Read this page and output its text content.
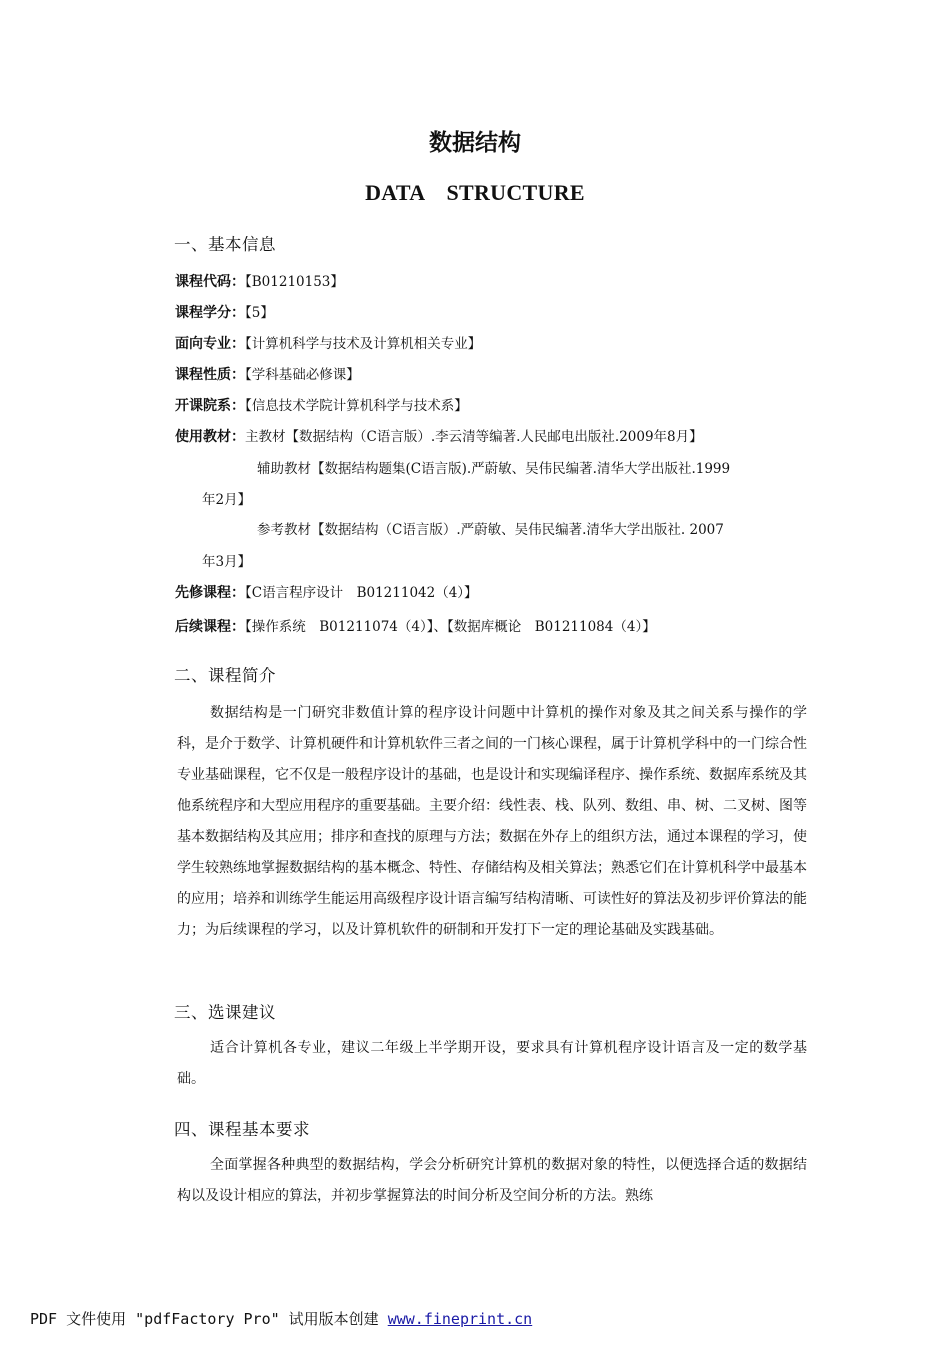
数据结构
DATA　STRUCTURE
一、基本信息
课程代码：【B01210153】
课程学分：【5】
面向专业：【计算机科学与技术及计算机相关专业】
课程性质：【学科基础必修课】
开课院系：【信息技术学院计算机科学与技术系】
使用教材：主教材【数据结构（C语言版）.李云清等编著.人民邮电出版社.2009年8月】
辅助教材【数据结构题集(C语言版).严蔚敏、吴伟民编著.清华大学出版社.1999
年2月】
参考教材【数据结构（C语言版）.严蔚敏、吴伟民编著.清华大学出版社. 2007
年3月】
先修课程：【C语言程序设计　B01211042（4）】
后续课程：【操作系统　B01211074（4）】、【数据库概论　B01211084（4）】
二、课程简介
数据结构是一门研究非数值计算的程序设计问题中计算机的操作对象及其之间关系与操作的学科，是介于数学、计算机硬件和计算机软件三者之间的一门核心课程，属于计算机学科中的一门综合性专业基础课程，它不仅是一般程序设计的基础，也是设计和实现编译程序、操作系统、数据库系统及其他系统程序和大型应用程序的重要基础。主要介绍：线性表、栈、队列、数组、串、树、二叉树、图等基本数据结构及其应用；排序和查找的原理与方法；数据在外存上的组织方法，通过本课程的学习，使学生较熟练地掌握数据结构的基本概念、特性、存储结构及相关算法；熟悉它们在计算机科学中最基本的应用；培养和训练学生能运用高级程序设计语言编写结构清晰、可读性好的算法及初步评价算法的能力；为后续课程的学习，以及计算机软件的研制和开发打下一定的理论基础及实践基础。
三、选课建议
适合计算机各专业，建议二年级上半学期开设，要求具有计算机程序设计语言及一定的数学基础。
四、课程基本要求
全面掌握各种典型的数据结构，学会分析研究计算机的数据对象的特性，以便选择合适的数据结构以及设计相应的算法，并初步掌握算法的时间分析及空间分析的方法。熟练
PDF 文件使用 "pdfFactory Pro" 试用版本创建 www.fineprint.cn
